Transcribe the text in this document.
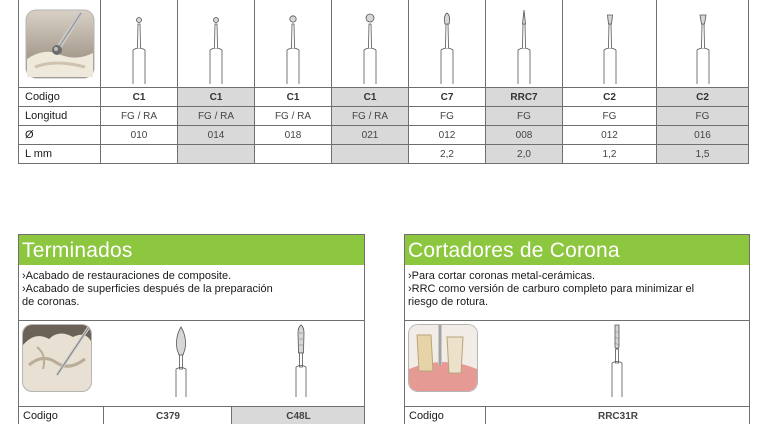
Codigo	C1	C1	C1	C1	C7	RRC7	C2	C2
Longitud	FG / RA	FG / RA	FG / RA	FG / RA	FG	FG	FG	FG
Ø	010	014	018	021	012	008	012	016
L mm					2,2	2,0	1,2	1,5
Terminados
›Acabado de restauraciones de composite.
›Acabado de superficies después de la preparación
de coronas.
Codigo	C379	C48L
Cortadores de Corona
›Para cortar coronas metal-cerámicas.
›RRC como versión de carburo completo para minimizar el
riesgo de rotura.
Codigo	RRC31R
